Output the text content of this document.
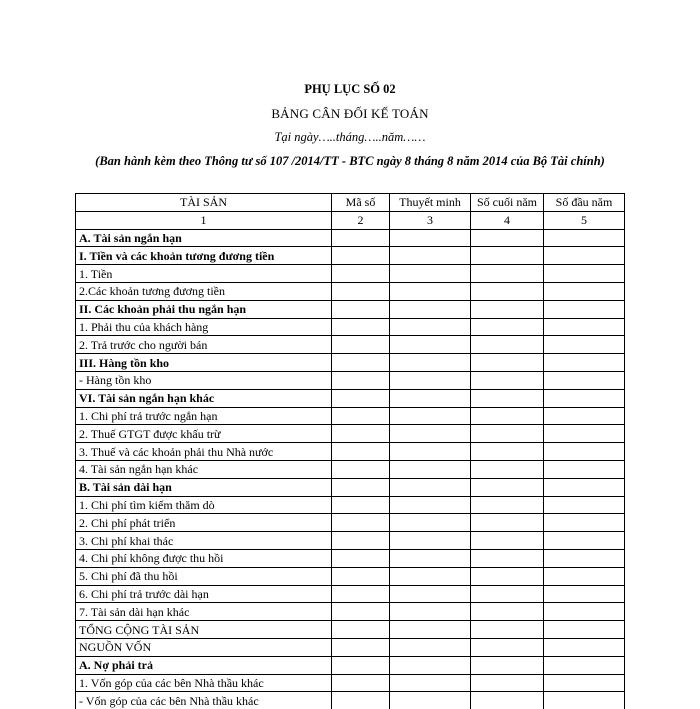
PHỤ LỤC SỐ 02
BẢNG CÂN ĐỐI KẾ TOÁN
Tại ngày…..tháng…..năm……
(Ban hành kèm theo Thông tư số 107 /2014/TT - BTC ngày 8 tháng 8 năm 2014 của Bộ Tài chính)
TÀI SẢN	Mã số	Thuyết minh	Số cuối năm	Số đầu năm
1	2	3	4	5
A. Tài sản ngắn hạn				
I. Tiền và các khoản tương đương tiền				
1. Tiền				
2.Các khoản tương đương tiền				
II. Các khoản phải thu ngắn hạn				
1. Phải thu của khách hàng				
2. Trả trước cho người bán				
III. Hàng tồn kho				
- Hàng tồn kho				
VI. Tài sản ngắn hạn khác				
1. Chi phí trả trước ngắn hạn				
2. Thuế GTGT được khấu trừ				
3. Thuế và các khoản phải thu Nhà nước				
4. Tài sản ngắn hạn khác				
B. Tài sản dài hạn				
1. Chi phí tìm kiếm thăm dò				
2. Chi phí phát triển				
3. Chi phí khai thác				
4. Chi phí không được thu hồi				
5. Chi phí đã thu hồi				
6. Chi phí trả trước dài hạn				
7. Tài sản dài hạn khác				
TỔNG CỘNG TÀI SẢN				
NGUỒN VỐN				
A. Nợ phải trả				
1. Vốn góp của các bên Nhà thầu khác				
- Vốn góp của các bên Nhà thầu khác				
